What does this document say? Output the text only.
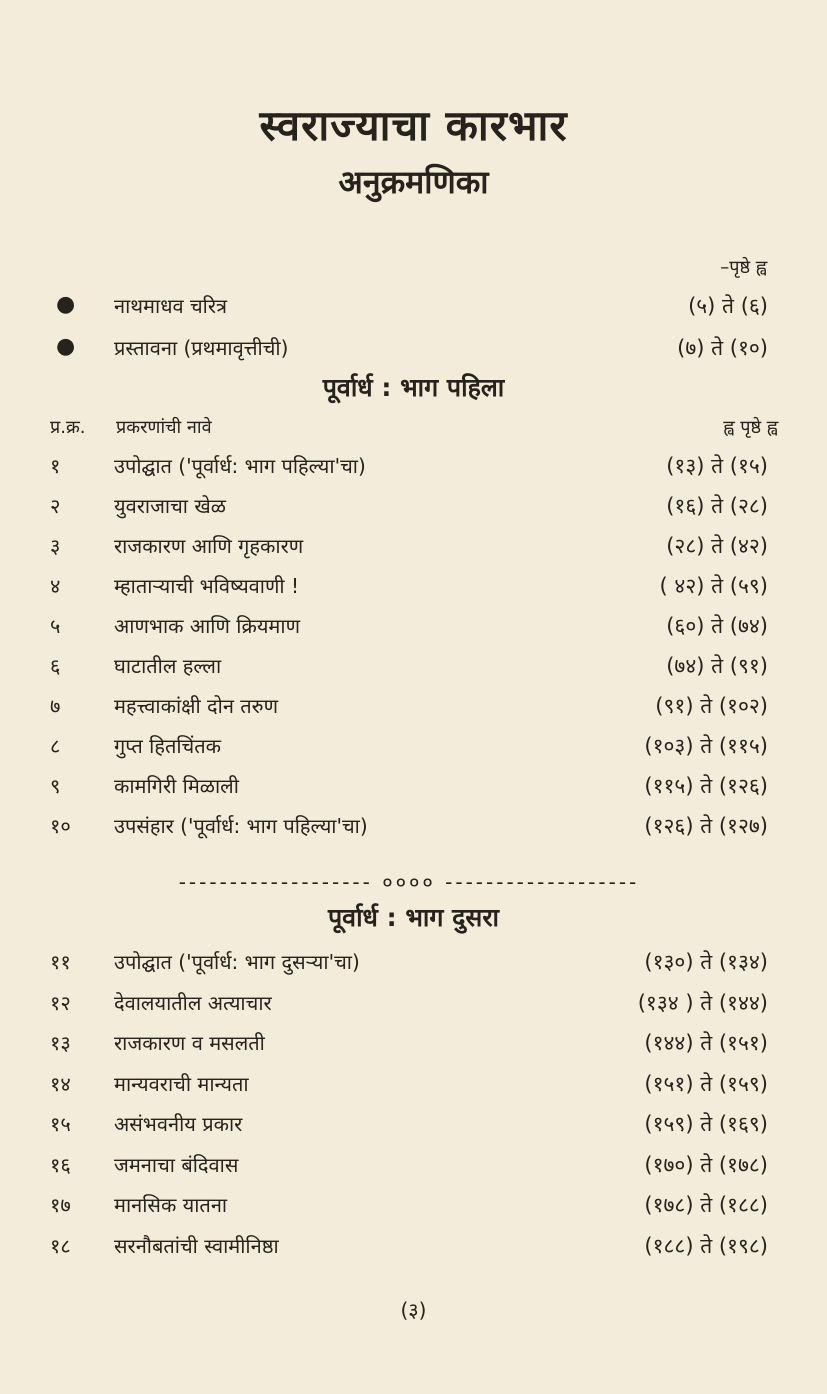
स्वराज्याचा कारभार
अनुक्रमणिका
–पृष्ठे ह्व
● नाथमाधव चरित्र	(५) ते (६)
● प्रस्तावना (प्रथमावृत्तीची)	(७) ते (१०)
पूर्वार्ध : भाग पहिला
प्र.क्र. प्रकरणांची नावे	ह्व पृष्ठे ह्व
१	उपोद्घात ('पूर्वार्ध: भाग पहिल्या'चा)	(१३) ते (१५)
२	युवराजाचा खेळ	(१६) ते (२८)
३	राजकारण आणि गृहकारण	(२८) ते (४२)
४	म्हाताऱ्याची भविष्यवाणी !	( ४२) ते (५९)
५	आणभाक आणि क्रियमाण	(६०) ते (७४)
६	घाटातील हल्ला	(७४) ते (९१)
७	महत्त्वाकांक्षी दोन तरुण	(९१) ते (१०२)
८	गुप्त हितचिंतक	(१०३) ते (११५)
९	कामगिरी मिळाली	(११५) ते (१२६)
१०	उपसंहार ('पूर्वार्ध: भाग पहिल्या'चा)	(१२६) ते (१२७)
------------------- ०००० -------------------
पूर्वार्ध : भाग दुसरा
११	उपोद्घात ('पूर्वार्ध: भाग दुसऱ्या'चा)	(१३०) ते (१३४)
१२	देवालयातील अत्याचार	(१३४ ) ते (१४४)
१३	राजकारण व मसलती	(१४४) ते (१५१)
१४	मान्यवराची मान्यता	(१५१) ते (१५९)
१५	असंभवनीय प्रकार	(१५९) ते (१६९)
१६	जमनाचा बंदिवास	(१७०) ते (१७८)
१७	मानसिक यातना	(१७८) ते (१८८)
१८	सरनौबतांची स्वामीनिष्ठा	(१८८) ते (१९८)
(३)
